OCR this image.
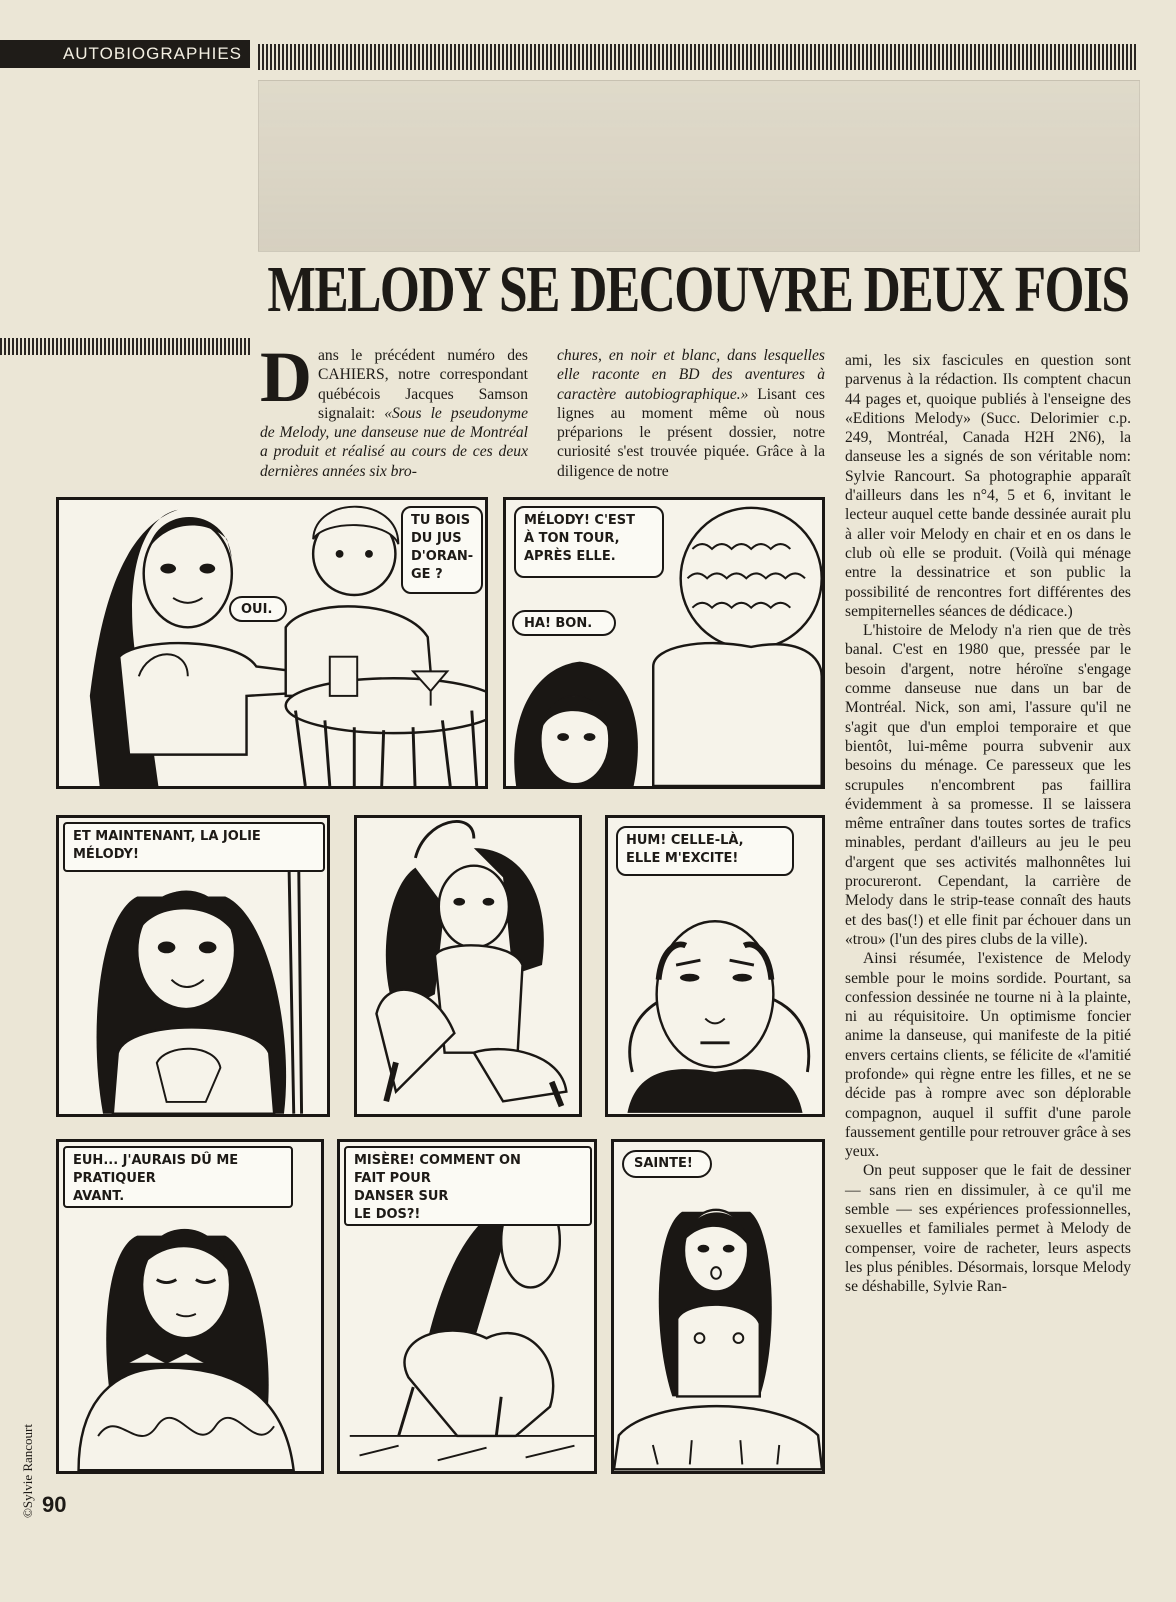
AUTOBIOGRAPHIES
MELODY SE DECOUVRE DEUX FOIS

Dans le précédent numéro des CAHIERS, notre correspondant québécois Jacques Samson signalait: «Sous le pseudonyme de Melody, une danseuse nue de Montréal a produit et réalisé au cours de ces deux dernières années six bro-

chures, en noir et blanc, dans lesquelles elle raconte en BD des aventures à caractère autobiographique.» Lisant ces lignes au moment même où nous préparions le présent dossier, notre curiosité s'est trouvée piquée. Grâce à la diligence de notre

ami, les six fascicules en question sont parvenus à la rédaction. Ils comptent chacun 44 pages et, quoique publiés à l'enseigne des «Editions Melody» (Succ. Delorimier c.p. 249, Montréal, Canada H2H 2N6), la danseuse les a signés de son véritable nom: Sylvie Rancourt. Sa photographie apparaît d'ailleurs dans les n°4, 5 et 6, invitant le lecteur auquel cette bande dessinée aurait plu à aller voir Melody en chair et en os dans le club où elle se produit. (Voilà qui ménage entre la dessinatrice et son public la possibilité de rencontres fort différentes des sempiternelles séances de dédicace.)

L'histoire de Melody n'a rien que de très banal. C'est en 1980 que, pressée par le besoin d'argent, notre héroïne s'engage comme danseuse nue dans un bar de Montréal. Nick, son ami, l'assure qu'il ne s'agit que d'un emploi temporaire et que bientôt, lui-même pourra subvenir aux besoins du ménage. Ce paresseux que les scrupules n'encombrent pas faillira évidemment à sa promesse. Il se laissera même entraîner dans toutes sortes de trafics minables, perdant d'ailleurs au jeu le peu d'argent que ses activités malhonnêtes lui procureront. Cependant, la carrière de Melody dans le strip-tease connaît des hauts et des bas(!) et elle finit par échouer dans un «trou» (l'un des pires clubs de la ville).

Ainsi résumée, l'existence de Melody semble pour le moins sordide. Pourtant, sa confession dessinée ne tourne ni à la plainte, ni au réquisitoire. Un optimisme foncier anime la danseuse, qui manifeste de la pitié envers certains clients, se félicite de «l'amitié profonde» qui règne entre les filles, et ne se décide pas à rompre avec son déplorable compagnon, auquel il suffit d'une parole faussement gentille pour retrouver grâce à ses yeux.

On peut supposer que le fait de dessiner — sans rien en dissimuler, à ce qu'il me semble — ses expériences professionnelles, sexuelles et familiales permet à Melody de compenser, voire de racheter, leurs aspects les plus pénibles. Désormais, lorsque Melody se déshabille, Sylvie Ran-

TU BOIS
DU JUS
D'ORAN-
GE ?
OUI.
MÉLODY! C'EST
À TON TOUR,
APRÈS ELLE.
HA! BON.
ET MAINTENANT, LA JOLIE
MÉLODY!
HUM! CELLE-LÀ,
ELLE M'EXCITE!
EUH... J'AURAIS DÛ ME
PRATIQUER
AVANT.
MISÈRE! COMMENT ON
FAIT POUR
DANSER SUR
LE DOS?!
SAINTE!
©Sylvie Rancourt 90
